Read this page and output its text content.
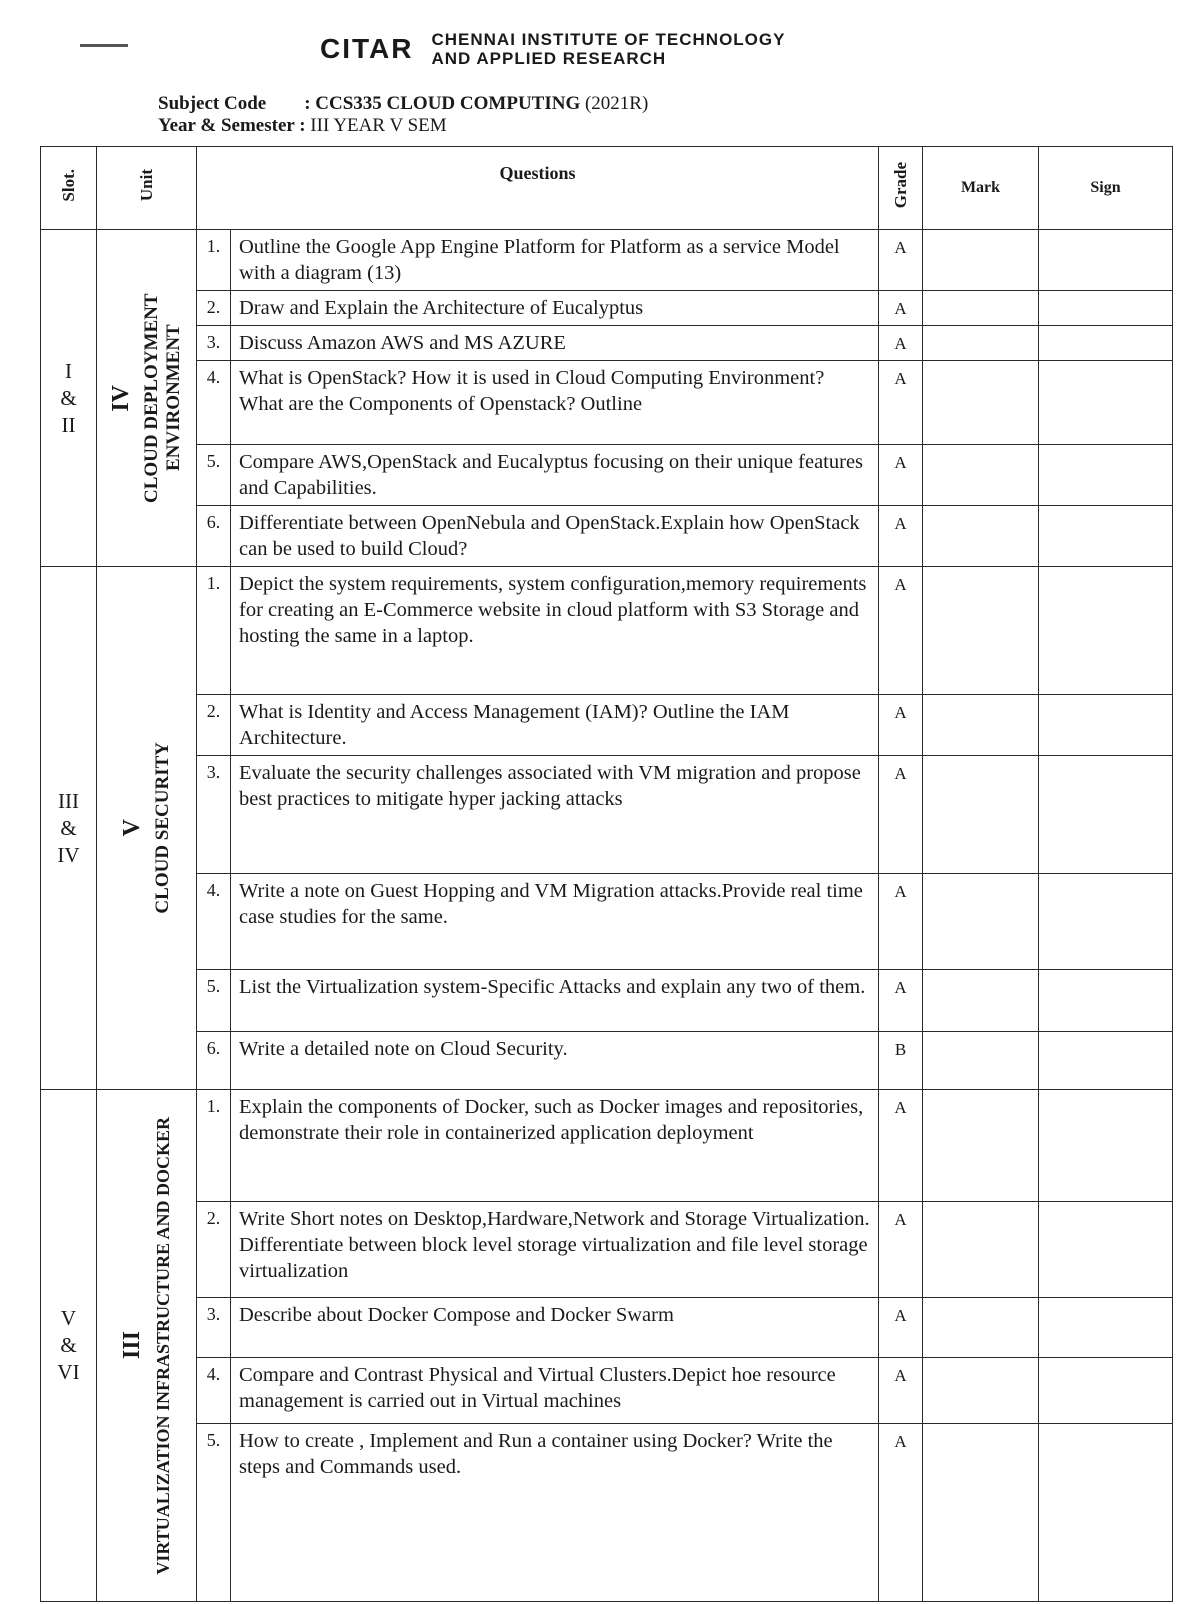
CITAR CHENNAI INSTITUTE OF TECHNOLOGY
AND APPLIED RESEARCH
Subject Code : CCS335 CLOUD COMPUTING (2021R)
Year & Semester : III YEAR V SEM
Slot.	Unit	Questions		Grade	Mark	Sign

I & II	IV CLOUD DEPLOYMENT ENVIRONMENT	1.	Outline the Google App Engine Platform for Platform as a service Model with a diagram (13)	A		
		2.	Draw and Explain the Architecture of Eucalyptus	A		
		3.	Discuss Amazon AWS and MS AZURE	A		
		4.	What is OpenStack? How it is used in Cloud Computing Environment? What are the Components of Openstack? Outline	A		
		5.	Compare AWS,OpenStack and Eucalyptus focusing on their unique features and Capabilities.	A		
		6.	Differentiate between OpenNebula and OpenStack.Explain how OpenStack can be used to build Cloud?	A		

III & IV	V CLOUD SECURITY	1.	Depict the system requirements, system configuration,memory requirements for creating an E-Commerce website in cloud platform with S3 Storage and hosting the same in a laptop.	A		
		2.	What is Identity and Access Management (IAM)? Outline the IAM Architecture.	A		
		3.	Evaluate the security challenges associated with VM migration and propose best practices to mitigate hyper jacking attacks	A		
		4.	Write a note on Guest Hopping and VM Migration attacks.Provide real time case studies for the same.	A		
		5.	List the Virtualization system-Specific Attacks and explain any two of them.	A		
		6.	Write a detailed note on Cloud Security.	B		

V & VI	III VIRTUALIZATION INFRASTRUCTURE AND DOCKER	1.	Explain the components of Docker, such as Docker images and repositories, demonstrate their role in containerized application deployment	A		
		2.	Write Short notes on Desktop,Hardware,Network and Storage Virtualization. Differentiate between block level storage virtualization and file level storage virtualization	A		
		3.	Describe about Docker Compose and Docker Swarm	A		
		4.	Compare and Contrast Physical and Virtual Clusters.Depict hoe resource management is carried out in Virtual machines	A		
		5.	How to create , Implement and Run a container using Docker? Write the steps and Commands used.	A		
